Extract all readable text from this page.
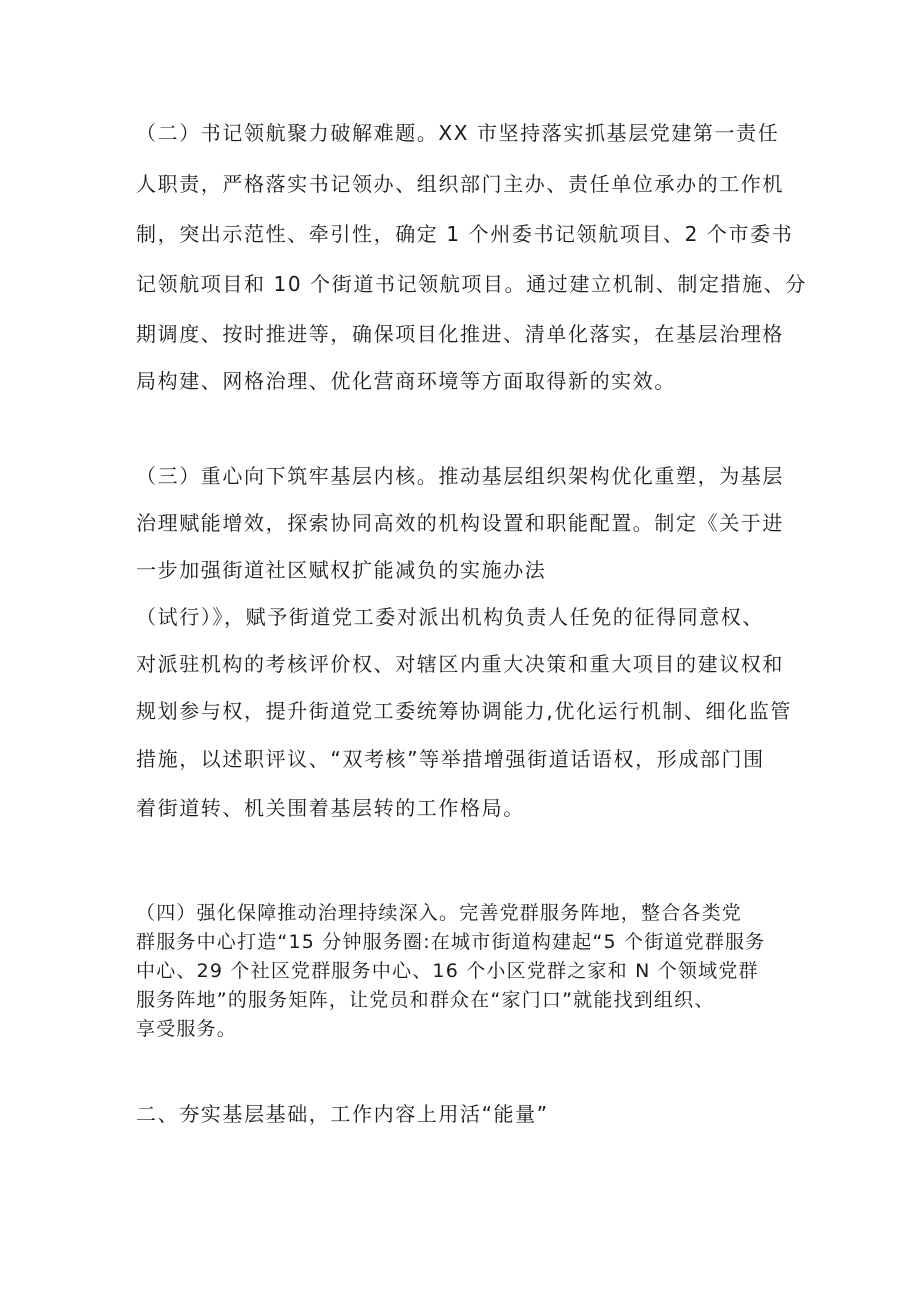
（二）书记领航聚力破解难题。XX 市坚持落实抓基层党建第一责任
人职责，严格落实书记领办、组织部门主办、责任单位承办的工作机
制，突出示范性、牵引性，确定 1 个州委书记领航项目、2 个市委书
记领航项目和 10 个街道书记领航项目。通过建立机制、制定措施、分
期调度、按时推进等，确保项目化推进、清单化落实，在基层治理格
局构建、网格治理、优化营商环境等方面取得新的实效。
（三）重心向下筑牢基层内核。推动基层组织架构优化重塑，为基层
治理赋能增效，探索协同高效的机构设置和职能配置。制定《关于进
一步加强街道社区赋权扩能减负的实施办法
（试行）》，赋予街道党工委对派出机构负责人任免的征得同意权、
对派驻机构的考核评价权、对辖区内重大决策和重大项目的建议权和
规划参与权，提升街道党工委统筹协调能力,优化运行机制、细化监管
措施，以述职评议、“双考核”等举措增强街道话语权，形成部门围
着街道转、机关围着基层转的工作格局。
（四）强化保障推动治理持续深入。完善党群服务阵地，整合各类党
群服务中心打造“15 分钟服务圈:在城市街道构建起“5 个街道党群服务
中心、29 个社区党群服务中心、16 个小区党群之家和 N 个领域党群
服务阵地”的服务矩阵，让党员和群众在“家门口”就能找到组织、
享受服务。
二、夯实基层基础，工作内容上用活“能量”
